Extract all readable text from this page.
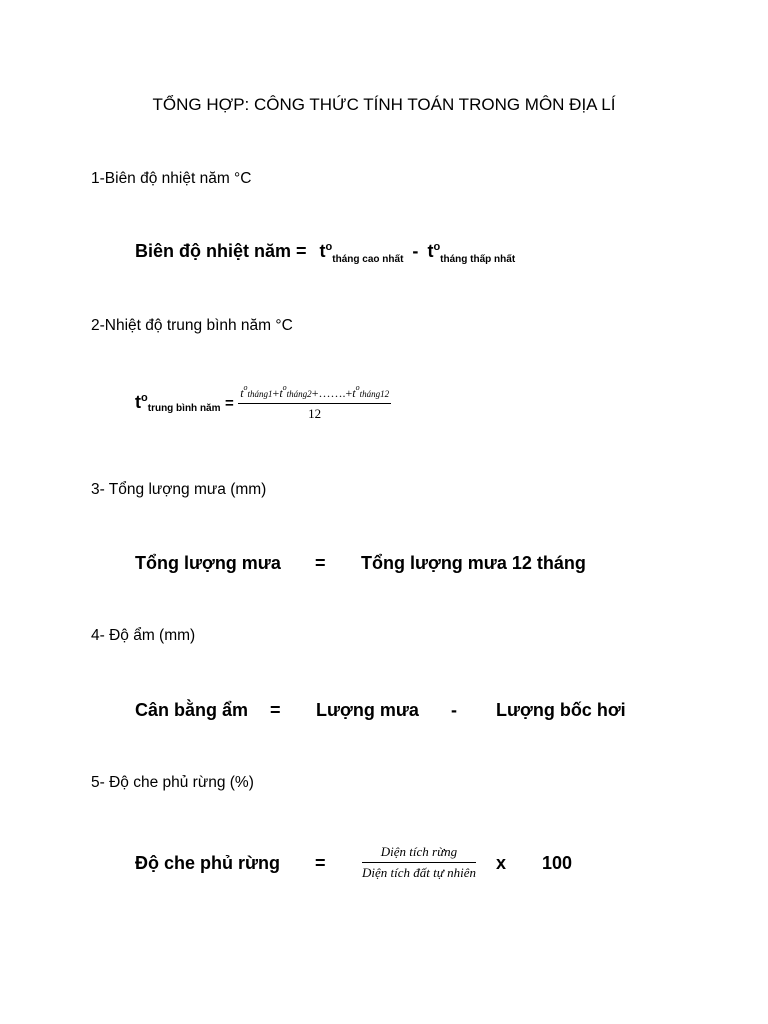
TỔNG HỢP: CÔNG THỨC TÍNH TOÁN TRONG MÔN ĐỊA LÍ
1-Biên độ nhiệt năm °C
Biên độ nhiệt năm = $t^o_{tháng cao nhất} - t^o_{tháng thấp nhất}$
2-Nhiệt độ trung bình năm °C
$t^otrung$ bình năm = $\frac{t^otháng1+t^otháng2+\dots\dots.+t^otháng12}{12}$
3- Tổng lượng mưa (mm)
Tổng lượng mưa = Tổng lượng mưa 12 tháng
4- Độ ẩm (mm)
Cân bằng ẩm = Lượng mưa - Lượng bốc hơi
5- Độ che phủ rừng (%)
Độ che phủ rừng =
Diện tích rừng
Diện tích đất tự nhiên x 100
